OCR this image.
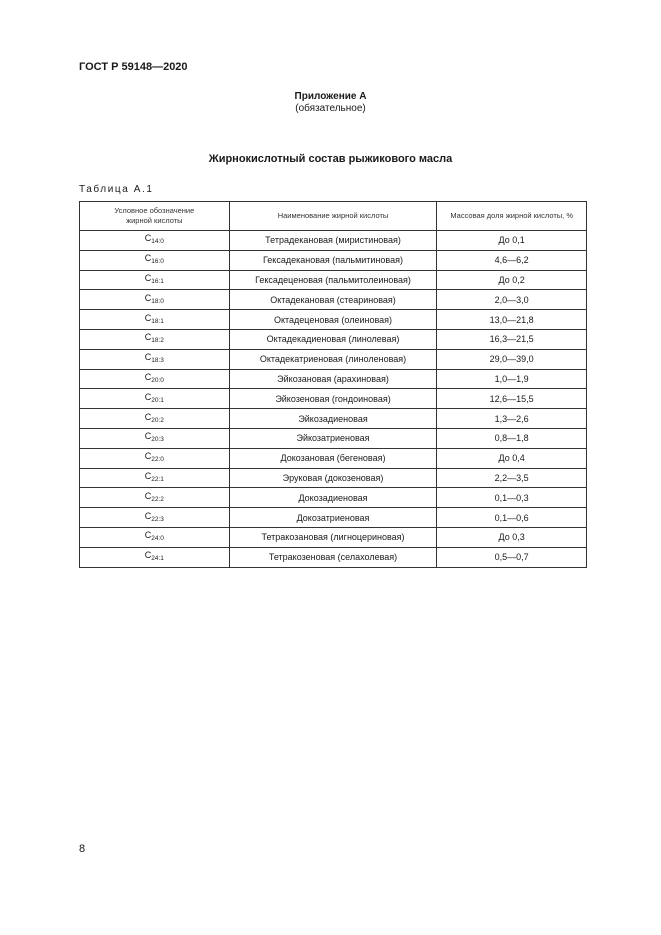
ГОСТ Р 59148—2020
Приложение А
(обязательное)
Жирнокислотный состав рыжикового масла
Таблица А.1
Условное обозначение
жирной кислоты	Наименование жирной кислоты	Массовая доля жирной кислоты, %
$C_{14:0}$	Тетрадекановая (миристиновая)	До 0,1
$C_{16:0}$	Гексадекановая (пальмитиновая)	4,6—6,2
$C_{16:1}$	Гексадеценовая (пальмитолеиновая)	До 0,2
$C_{18:0}$	Октадекановая (стеариновая)	2,0—3,0
$C_{18:1}$	Октадеценовая (олеиновая)	13,0—21,8
$C_{18:2}$	Октадекадиеновая (линолевая)	16,3—21,5
$C_{18:3}$	Октадекатриеновая (линоленовая)	29,0—39,0
$C_{20:0}$	Эйкозановая (арахиновая)	1,0—1,9
$C_{20:1}$	Эйкозеновая (гондоиновая)	12,6—15,5
$C_{20:2}$	Эйкозадиеновая	1,3—2,6
$C_{20:3}$	Эйкозатриеновая	0,8—1,8
$C_{22:0}$	Докозановая (бегеновая)	До 0,4
$C_{22:1}$	Эруковая (докозеновая)	2,2—3,5
$C_{22:2}$	Докозадиеновая	0,1—0,3
$C_{22:3}$	Докозатриеновая	0,1—0,6
$C_{24:0}$	Тетракозановая (лигноцериновая)	До 0,3
$C_{24:1}$	Тетракозеновая (селахолевая)	0,5—0,7
8
